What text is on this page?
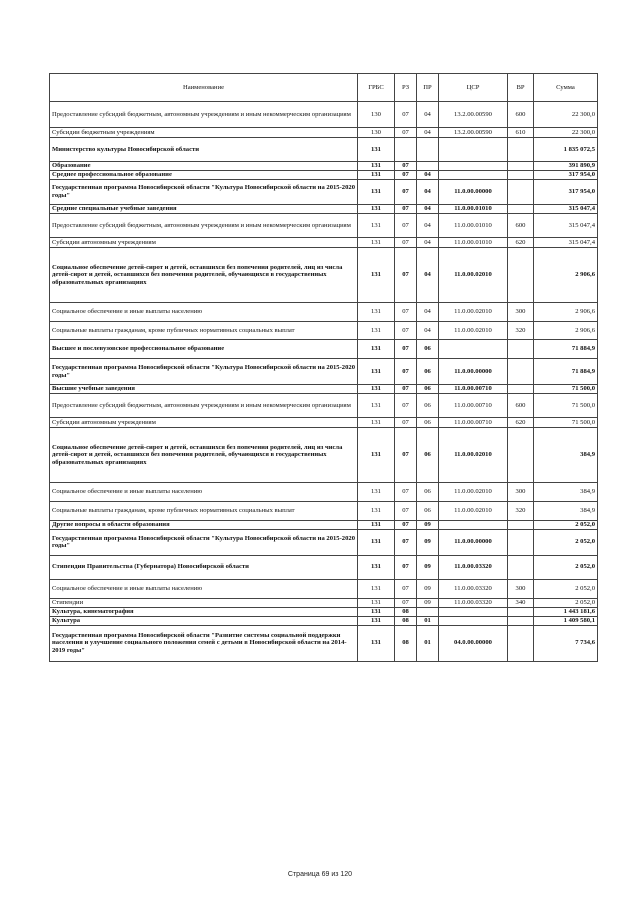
Наименование	ГРБС	РЗ	ПР	ЦСР	ВР	Сумма
Предоставление субсидий бюджетным, автономным учреждениям и иным некоммерческим организациям	130	07	04	13.2.00.00590	600	22 300,0
Субсидии бюджетным учреждениям	130	07	04	13.2.00.00590	610	22 300,0
Министерство культуры Новосибирской области	131					1 835 072,5
Образование	131	07				391 890,9
Среднее профессиональное образование	131	07	04			317 954,0
Государственная программа Новосибирской области "Культура Новосибирской области на 2015-2020 годы"	131	07	04	11.0.00.00000		317 954,0
Средние специальные учебные заведения	131	07	04	11.0.00.01010		315 047,4
Предоставление субсидий бюджетным, автономным учреждениям и иным некоммерческим организациям	131	07	04	11.0.00.01010	600	315 047,4
Субсидии автономным учреждениям	131	07	04	11.0.00.01010	620	315 047,4
Социальное обеспечение детей-сирот и детей, оставшихся без попечения родителей, лиц из числа детей-сирот и детей, оставшихся без попечения родителей, обучающихся в государственных образовательных организациях	131	07	04	11.0.00.02010		2 906,6
Социальное обеспечение и иные выплаты населению	131	07	04	11.0.00.02010	300	2 906,6
Социальные выплаты гражданам, кроме публичных нормативных социальных выплат	131	07	04	11.0.00.02010	320	2 906,6
Высшее и послевузовское профессиональное образование	131	07	06			71 884,9
Государственная программа Новосибирской области "Культура Новосибирской области на 2015-2020 годы"	131	07	06	11.0.00.00000		71 884,9
Высшие учебные заведения	131	07	06	11.0.00.00710		71 500,0
Предоставление субсидий бюджетным, автономным учреждениям и иным некоммерческим организациям	131	07	06	11.0.00.00710	600	71 500,0
Субсидии автономным учреждениям	131	07	06	11.0.00.00710	620	71 500,0
Социальное обеспечение детей-сирот и детей, оставшихся без попечения родителей, лиц из числа детей-сирот и детей, оставшихся без попечения родителей, обучающихся в государственных образовательных организациях	131	07	06	11.0.00.02010		384,9
Социальное обеспечение и иные выплаты населению	131	07	06	11.0.00.02010	300	384,9
Социальные выплаты гражданам, кроме публичных нормативных социальных выплат	131	07	06	11.0.00.02010	320	384,9
Другие вопросы в области образования	131	07	09			2 052,0
Государственная программа Новосибирской области "Культура Новосибирской области на 2015-2020 годы"	131	07	09	11.0.00.00000		2 052,0
Стипендии Правительства (Губернатора) Новосибирской области	131	07	09	11.0.00.03320		2 052,0
Социальное обеспечение и иные выплаты населению	131	07	09	11.0.00.03320	300	2 052,0
Стипендии	131	07	09	11.0.00.03320	340	2 052,0
Культура, кинематография	131	08				1 443 181,6
Культура	131	08	01			1 409 580,1
Государственная программа Новосибирской области "Развитие системы социальной поддержки населения и улучшение социального положения семей с детьми в Новосибирской области на 2014-2019 годы"	131	08	01	04.0.00.00000		7 734,6
Страница 69 из 120
